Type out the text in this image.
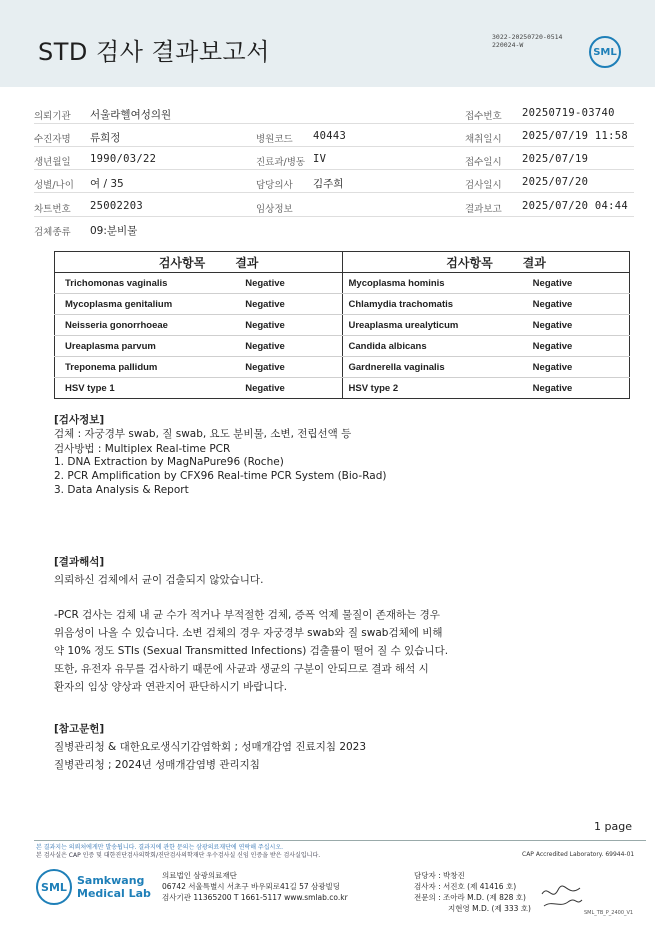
STD 검사 결과보고서
3022-20250720-0514
220024-W
SML
의뢰기관 서울라헬여성의원	접수번호 20250719-03740
수진자명 류희정	병원코드 40443	채취일시 2025/07/19 11:58
생년월일 1990/03/22	진료과/병동 IV	접수일시 2025/07/19
성별/나이 여 / 35	담당의사 김주희	검사일시 2025/07/20
차트번호 25002203	임상정보	결과보고 2025/07/20 04:44
검체종류 09:분비물
검사항목	결과	검사항목	결과
Trichomonas vaginalis	Negative	Mycoplasma hominis	Negative
Mycoplasma genitalium	Negative	Chlamydia trachomatis	Negative
Neisseria gonorrhoeae	Negative	Ureaplasma urealyticum	Negative
Ureaplasma parvum	Negative	Candida albicans	Negative
Treponema pallidum	Negative	Gardnerella vaginalis	Negative
HSV type 1	Negative	HSV type 2	Negative
[검사정보]
검체 : 자궁경부 swab, 질 swab, 요도 분비물, 소변, 전립선액 등
검사방법 : Multiplex Real-time PCR
1. DNA Extraction by MagNaPure96 (Roche)
2. PCR Amplification by CFX96 Real-time PCR System (Bio-Rad)
3. Data Analysis & Report
[결과해석]
의뢰하신 검체에서 균이 검출되지 않았습니다.
-PCR 검사는 검체 내 균 수가 적거나 부적절한 검체, 증폭 억제 물질이 존재하는 경우
위음성이 나올 수 있습니다. 소변 검체의 경우 자궁경부 swab와 질 swab검체에 비해
약 10% 정도 STIs (Sexual Transmitted Infections) 검출률이 떨어 질 수 있습니다.
또한, 유전자 유무를 검사하기 때문에 사균과 생균의 구분이 안되므로 결과 해석 시
환자의 임상 양상과 연관지어 판단하시기 바랍니다.
[참고문헌]
질병관리청 & 대한요로생식기감염학회 ; 성매개감염 진료지침 2023
질병관리청 ; 2024년 성매개감염병 관리지침
1 page
본 결과지는 의뢰처에게만 발송됩니다. 결과지에 관한 문의는 삼광의료재단에 연락해 주십시오.
본 검사실은 CAP 인증 및 대한진단검사의학회/진단검사의학재단 우수검사실 신임 인증을 받은 검사실입니다.	CAP Accredited Laboratory. 69944-01
SML Samkwang
Medical Lab
의료법인 삼광의료재단
06742 서울특별시 서초구 바우뫼로41길 57 삼광빌딩
검사기관 11365200 T 1661-5117 www.smlab.co.kr
담당자 : 박창진
검사자 : 서진호 (제 41416 호)
전문의 : 조아라 M.D. (제 828 호)
지현영 M.D. (제 333 호)	SML_TB_P_2400_V1
